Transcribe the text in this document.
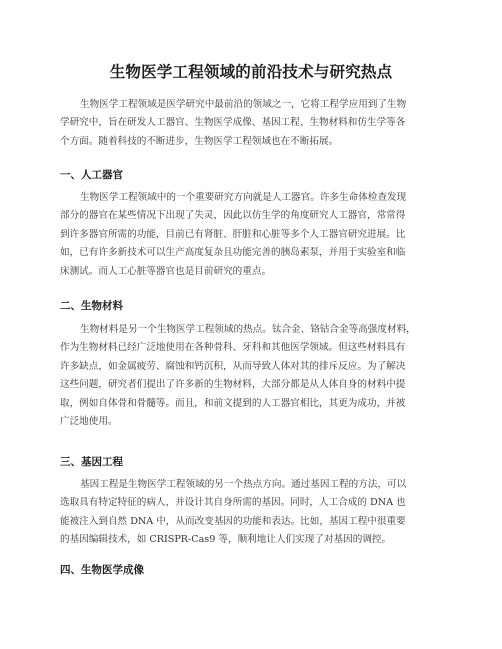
生物医学工程领域的前沿技术与研究热点

生物医学工程领域是医学研究中最前沿的领域之一，它将工程学应用到了生物
学研究中，旨在研发人工器官、生物医学成像、基因工程、生物材料和仿生学等各
个方面。随着科技的不断进步，生物医学工程领域也在不断拓展。

一、人工器官

生物医学工程领域中的一个重要研究方向就是人工器官。许多生命体检查发现
部分的器官在某些情况下出现了失灵，因此以仿生学的角度研究人工器官，常常得
到许多器官所需的功能，目前已有肾脏、肝脏和心脏等多个人工器官研究进展。比
如，已有许多新技术可以生产高度复杂且功能完善的胰岛素泵，并用于实验室和临
床测试。而人工心脏等器官也是目前研究的重点。

二、生物材料

生物材料是另一个生物医学工程领域的热点。钛合金、铬钴合金等高强度材料，
作为生物材料已经广泛地使用在各种骨科、牙科和其他医学领域。但这些材料具有
许多缺点，如金属疲劳、腐蚀和钙沉积，从而导致人体对其的排斥反应。为了解决
这些问题，研究者们提出了许多新的生物材料，大部分都是从人体自身的材料中提
取，例如自体骨和骨髓等。而且，和前文提到的人工器官相比，其更为成功，并被
广泛地使用。

三、基因工程

基因工程是生物医学工程领域的另一个热点方向。通过基因工程的方法，可以
选取具有特定特征的病人，并设计其自身所需的基因。同时，人工合成的 DNA 也
能被注入到自然 DNA 中，从而改变基因的功能和表达。比如，基因工程中很重要
的基因编辑技术，如 CRISPR-Cas9 等，顺利地让人们实现了对基因的调控。

四、生物医学成像
